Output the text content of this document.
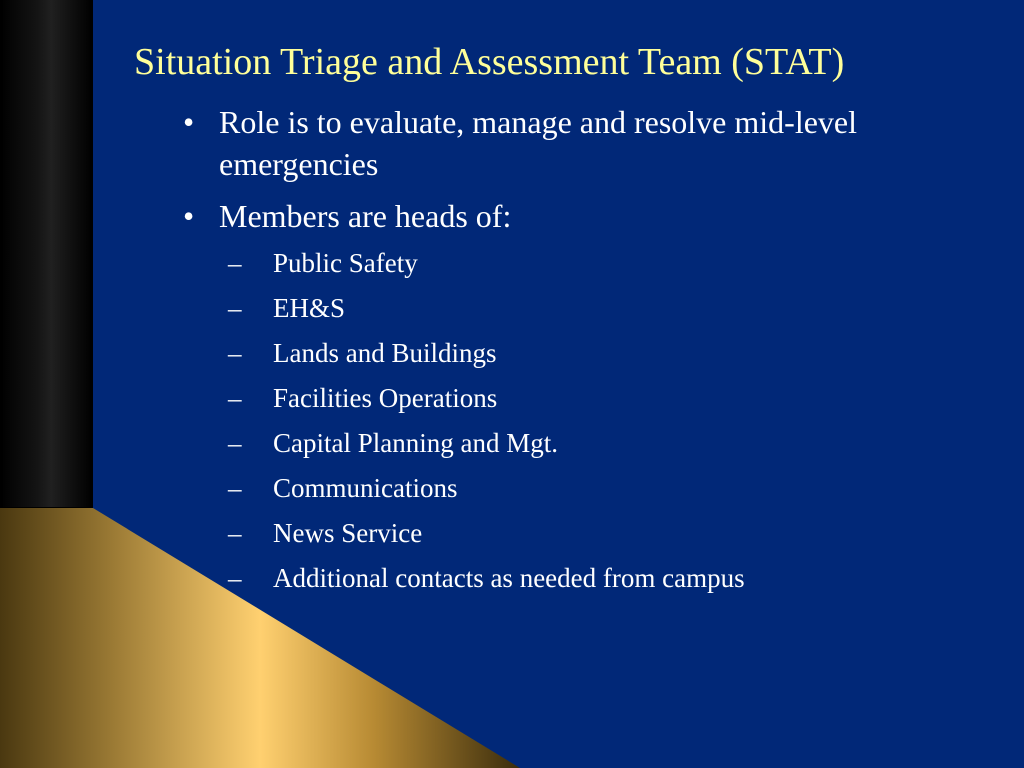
Situation Triage and Assessment Team (STAT)
• Role is to evaluate, manage and resolve mid-level emergencies
• Members are heads of:
– Public Safety
– EH&S
– Lands and Buildings
– Facilities Operations
– Capital Planning and Mgt.
– Communications
– News Service
– Additional contacts as needed from campus
